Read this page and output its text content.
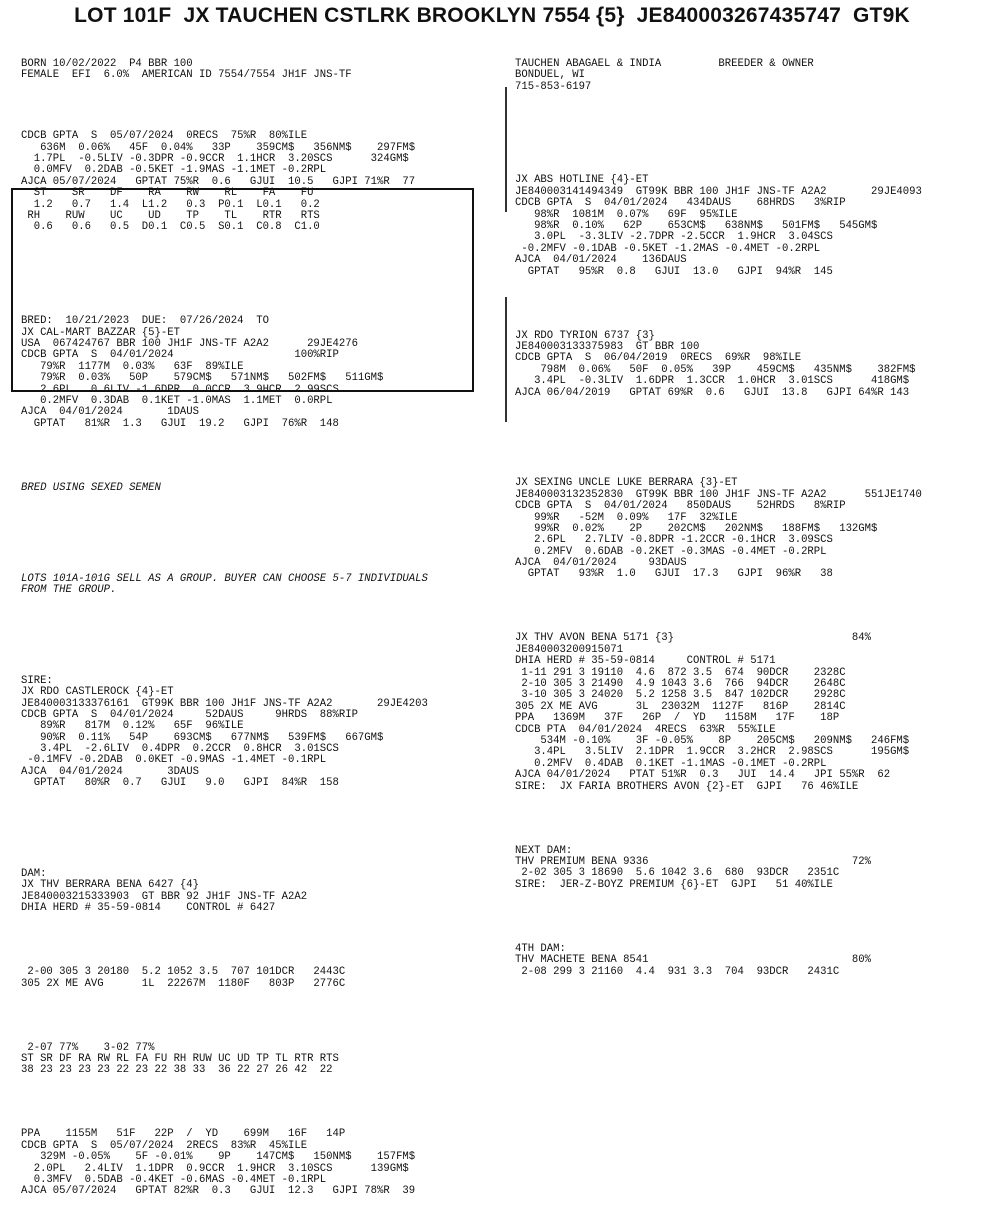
LOT 101F  JX TAUCHEN CSTLRK BROOKLYN 7554 {5}  JE840003267435747  GT9K

BORN 10/02/2022  P4 BBR 100
FEMALE  EFI  6.0%  AMERICAN ID 7554/7554 JH1F JNS-TF

CDCB GPTA  S  05/07/2024  0RECS  75%R  80%ILE
636M  0.06%   45F  0.04%   33P    359CM$   356NM$    297FM$
1.7PL  -0.5LIV -0.3DPR -0.9CCR  1.1HCR  3.20SCS      324GM$
0.0MFV  0.2DAB -0.5KET -1.9MAS -1.1MET -0.2RPL
AJCA 05/07/2024   GPTAT 75%R  0.6   GJUI  10.5   GJPI 71%R  77
ST    SR    DF    RA    RW    RL    FA    FU
1.2   0.7   1.4  L1.2   0.3  P0.1  L0.1   0.2
RH    RUW    UC    UD    TP    TL    RTR   RTS
0.6   0.6   0.5  D0.1  C0.5  S0.1  C0.8  C1.0

BRED:  10/21/2023  DUE:  07/26/2024  TO
JX CAL-MART BAZZAR {5}-ET
USA  067424767 BBR 100 JH1F JNS-TF A2A2      29JE4276
CDCB GPTA  S  04/01/2024                   100%RIP
79%R  1177M  0.03%   63F  89%ILE
79%R  0.03%   50P    579CM$   571NM$   502FM$   511GM$
2.6PL   0.6LIV -1.6DPR  0.0CCR  3.9HCR  2.99SCS
0.2MFV  0.3DAB  0.1KET -1.0MAS  1.1MET  0.0RPL
AJCA  04/01/2024       1DAUS
GPTAT   81%R  1.3   GJUI  19.2   GJPI  76%R  148

BRED USING SEXED SEMEN

LOTS 101A-101G SELL AS A GROUP. BUYER CAN CHOOSE 5-7 INDIVIDUALS
FROM THE GROUP.

SIRE:
JX RDO CASTLEROCK {4}-ET
JE840003133376161  GT99K BBR 100 JH1F JNS-TF A2A2       29JE4203
CDCB GPTA  S  04/01/2024     52DAUS     9HRDS  88%RIP
89%R   817M  0.12%   65F  96%ILE
90%R  0.11%   54P    693CM$   677NM$   539FM$   667GM$
3.4PL  -2.6LIV  0.4DPR  0.2CCR  0.8HCR  3.01SCS
-0.1MFV -0.2DAB  0.0KET -0.9MAS -1.4MET -0.1RPL
AJCA  04/01/2024       3DAUS
GPTAT   80%R  0.7   GJUI   9.0   GJPI  84%R  158

DAM:
JX THV BERRARA BENA 6427 {4}
JE840003215333903  GT BBR 92 JH1F JNS-TF A2A2
DHIA HERD # 35-59-0814    CONTROL # 6427

2-00 305 3 20180  5.2 1052 3.5  707 101DCR   2443C
305 2X ME AVG      1L  22267M  1180F   803P   2776C

2-07 77%    3-02 77%
ST SR DF RA RW RL FA FU RH RUW UC UD TP TL RTR RTS
38 23 23 23 23 22 23 22 38 33  36 22 27 26 42  22

PPA    1155M   51F   22P  /  YD    699M   16F   14P
CDCB GPTA  S  05/07/2024  2RECS  83%R  45%ILE
329M -0.05%    5F -0.01%    9P    147CM$   150NM$    157FM$
2.0PL   2.4LIV  1.1DPR  0.9CCR  1.9HCR  3.10SCS      139GM$
0.3MFV  0.5DAB -0.4KET -0.6MAS -0.4MET -0.1RPL
AJCA 05/07/2024   GPTAT 82%R  0.3   GJUI  12.3   GJPI 78%R  39

TAUCHEN ABAGAEL & INDIA         BREEDER & OWNER
BONDUEL, WI
715-853-6197

JX ABS HOTLINE {4}-ET
JE840003141494349  GT99K BBR 100 JH1F JNS-TF A2A2       29JE4093
CDCB GPTA  S  04/01/2024   434DAUS    68HRDS   3%RIP
98%R  1081M  0.07%   69F  95%ILE
98%R  0.10%   62P    653CM$   638NM$   501FM$   545GM$
3.0PL  -3.3LIV -2.7DPR -2.5CCR  1.9HCR  3.04SCS
-0.2MFV -0.1DAB -0.5KET -1.2MAS -0.4MET -0.2RPL
AJCA  04/01/2024    136DAUS
GPTAT   95%R  0.8   GJUI  13.0   GJPI  94%R  145

JX RDO TYRION 6737 {3}
JE840003133375983  GT BBR 100
CDCB GPTA  S  06/04/2019  0RECS  69%R  98%ILE
798M  0.06%   50F  0.05%   39P    459CM$   435NM$    382FM$
3.4PL  -0.3LIV  1.6DPR  1.3CCR  1.0HCR  3.01SCS      418GM$
AJCA 06/04/2019   GPTAT 69%R  0.6   GJUI  13.8   GJPI 64%R 143

JX SEXING UNCLE LUKE BERRARA {3}-ET
JE840003132352830  GT99K BBR 100 JH1F JNS-TF A2A2      551JE1740
CDCB GPTA  S  04/01/2024   850DAUS    52HRDS   8%RIP
99%R   -52M  0.09%   17F  32%ILE
99%R  0.02%    2P    202CM$   202NM$   188FM$   132GM$
2.6PL   2.7LIV -0.8DPR -1.2CCR -0.1HCR  3.09SCS
0.2MFV  0.6DAB -0.2KET -0.3MAS -0.4MET -0.2RPL
AJCA  04/01/2024     93DAUS
GPTAT   93%R  1.0   GJUI  17.3   GJPI  96%R   38

JX THV AVON BENA 5171 {3}                            84%
JE840003200915071
DHIA HERD # 35-59-0814     CONTROL # 5171
1-11 291 3 19110  4.6  872 3.5  674  90DCR    2328C
2-10 305 3 21490  4.9 1043 3.6  766  94DCR    2648C
3-10 305 3 24020  5.2 1258 3.5  847 102DCR    2928C
305 2X ME AVG      3L  23032M  1127F   816P    2814C
PPA   1369M   37F   26P  /  YD   1158M   17F    18P
CDCB PTA  04/01/2024  4RECS  63%R  55%ILE
534M -0.10%    3F -0.05%    8P    205CM$   209NM$   246FM$
3.4PL   3.5LIV  2.1DPR  1.9CCR  3.2HCR  2.98SCS      195GM$
0.2MFV  0.4DAB  0.1KET -1.1MAS -0.1MET -0.2RPL
AJCA 04/01/2024   PTAT 51%R  0.3   JUI  14.4   JPI 55%R  62
SIRE:  JX FARIA BROTHERS AVON {2}-ET  GJPI   76 46%ILE

NEXT DAM:
THV PREMIUM BENA 9336                                72%
2-02 305 3 18690  5.6 1042 3.6  680  93DCR   2351C
SIRE:  JER-Z-BOYZ PREMIUM {6}-ET  GJPI   51 40%ILE

4TH DAM:
THV MACHETE BENA 8541                                80%
2-08 299 3 21160  4.4  931 3.3  704  93DCR   2431C
